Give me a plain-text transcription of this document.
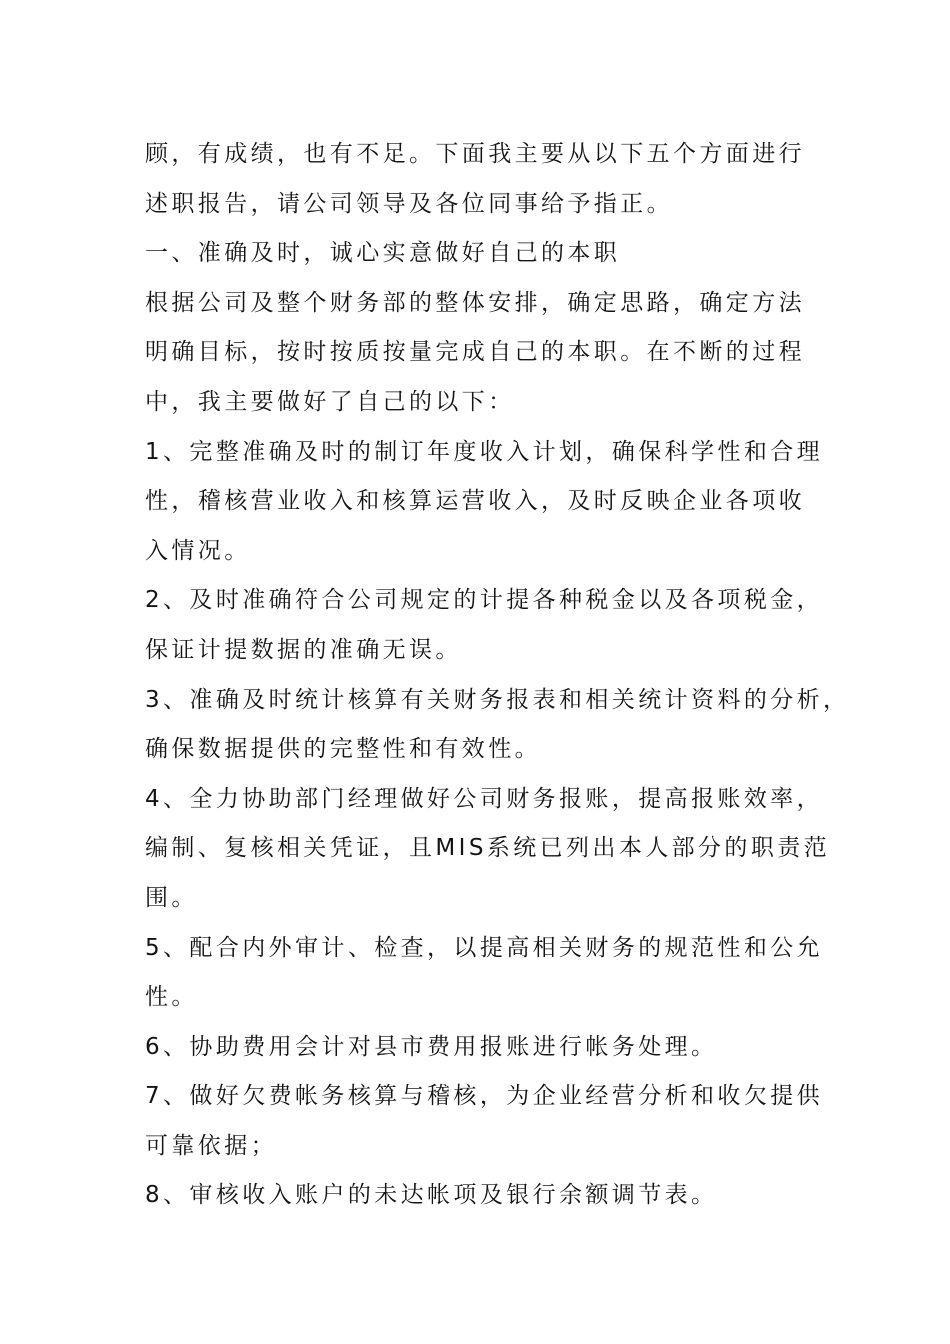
顾，有成绩，也有不足。下面我主要从以下五个方面进行
述职报告，请公司领导及各位同事给予指正。
一、准确及时，诚心实意做好自己的本职
根据公司及整个财务部的整体安排，确定思路，确定方法
明确目标，按时按质按量完成自己的本职。在不断的过程
中，我主要做好了自己的以下：
1、完整准确及时的制订年度收入计划，确保科学性和合理
性，稽核营业收入和核算运营收入，及时反映企业各项收
入情况。
2、及时准确符合公司规定的计提各种税金以及各项税金，
保证计提数据的准确无误。
3、准确及时统计核算有关财务报表和相关统计资料的分析，
确保数据提供的完整性和有效性。
4、全力协助部门经理做好公司财务报账，提高报账效率，
编制、复核相关凭证，且MIS系统已列出本人部分的职责范
围。
5、配合内外审计、检查，以提高相关财务的规范性和公允
性。
6、协助费用会计对县市费用报账进行帐务处理。
7、做好欠费帐务核算与稽核，为企业经营分析和收欠提供
可靠依据；
8、审核收入账户的未达帐项及银行余额调节表。
